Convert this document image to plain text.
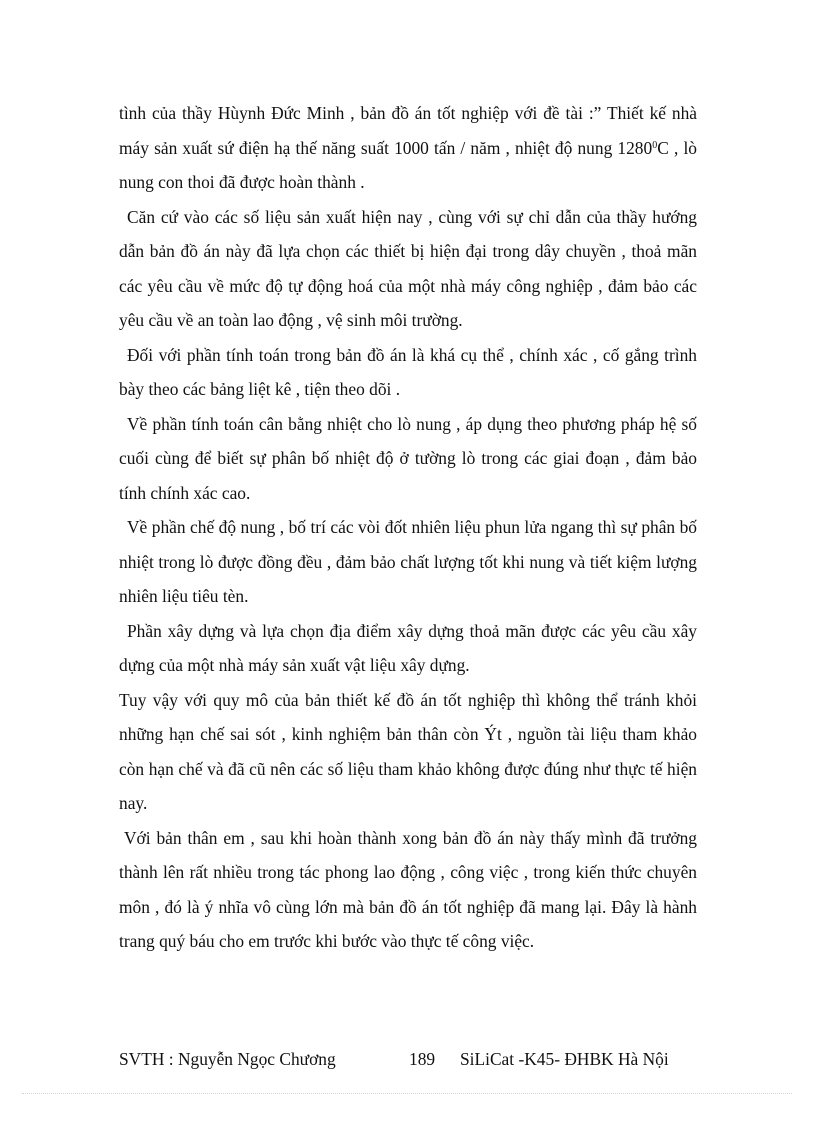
tình của thầy Hùynh Đức Minh , bản đồ án tốt nghiệp với đề tài :” Thiết kế nhà máy sản xuất sứ điện hạ thế năng suất 1000 tấn / năm , nhiệt độ nung 1280$^0$C , lò nung con thoi đã được hoàn thành .

Căn cứ vào các số liệu sản xuất hiện nay , cùng với sự chỉ dẫn của thầy hướng dẫn bản đồ án này đã lựa chọn các thiết bị hiện đại trong dây chuyền , thoả mãn các yêu cầu về mức độ tự động hoá của một nhà máy công nghiệp , đảm bảo các yêu cầu về an toàn lao động , vệ sinh môi trường.

Đối với phần tính toán trong bản đồ án là khá cụ thể , chính xác , cố gắng trình bày theo các bảng liệt kê , tiện theo dõi .

Về phần tính toán cân bằng nhiệt cho lò nung , áp dụng theo phương pháp hệ số cuối cùng để biết sự phân bố nhiệt độ ở tường lò trong các giai đoạn , đảm bảo tính chính xác cao.

Về phần chế độ nung , bố trí các vòi đốt nhiên liệu phun lửa ngang thì sự phân bố nhiệt trong lò được đồng đều , đảm bảo chất lượng tốt khi nung và tiết kiệm lượng nhiên liệu tiêu tèn.

Phần xây dựng và lựa chọn địa điểm xây dựng thoả mãn được các yêu cầu xây dựng của một nhà máy sản xuất vật liệu xây dựng.

Tuy vậy với quy mô của bản thiết kế đồ án tốt nghiệp thì không thể tránh khỏi những hạn chế sai sót , kinh nghiệm bản thân còn Ýt , nguồn tài liệu tham khảo còn hạn chế và đã cũ nên các số liệu tham khảo không được đúng như thực tế hiện nay.

Với bản thân em , sau khi hoàn thành xong bản đồ án này thấy mình đã trưởng thành lên rất nhiều trong tác phong lao động , công việc , trong kiến thức chuyên môn , đó là ý nhĩa vô cùng lớn mà bản đồ án tốt nghiệp đã mang lại. Đây là hành trang quý báu cho em trước khi bước vào thực tế công việc.

SVTH : Nguyễn Ngọc Chương	189 SiLiCat -K45- ĐHBK Hà Nội
